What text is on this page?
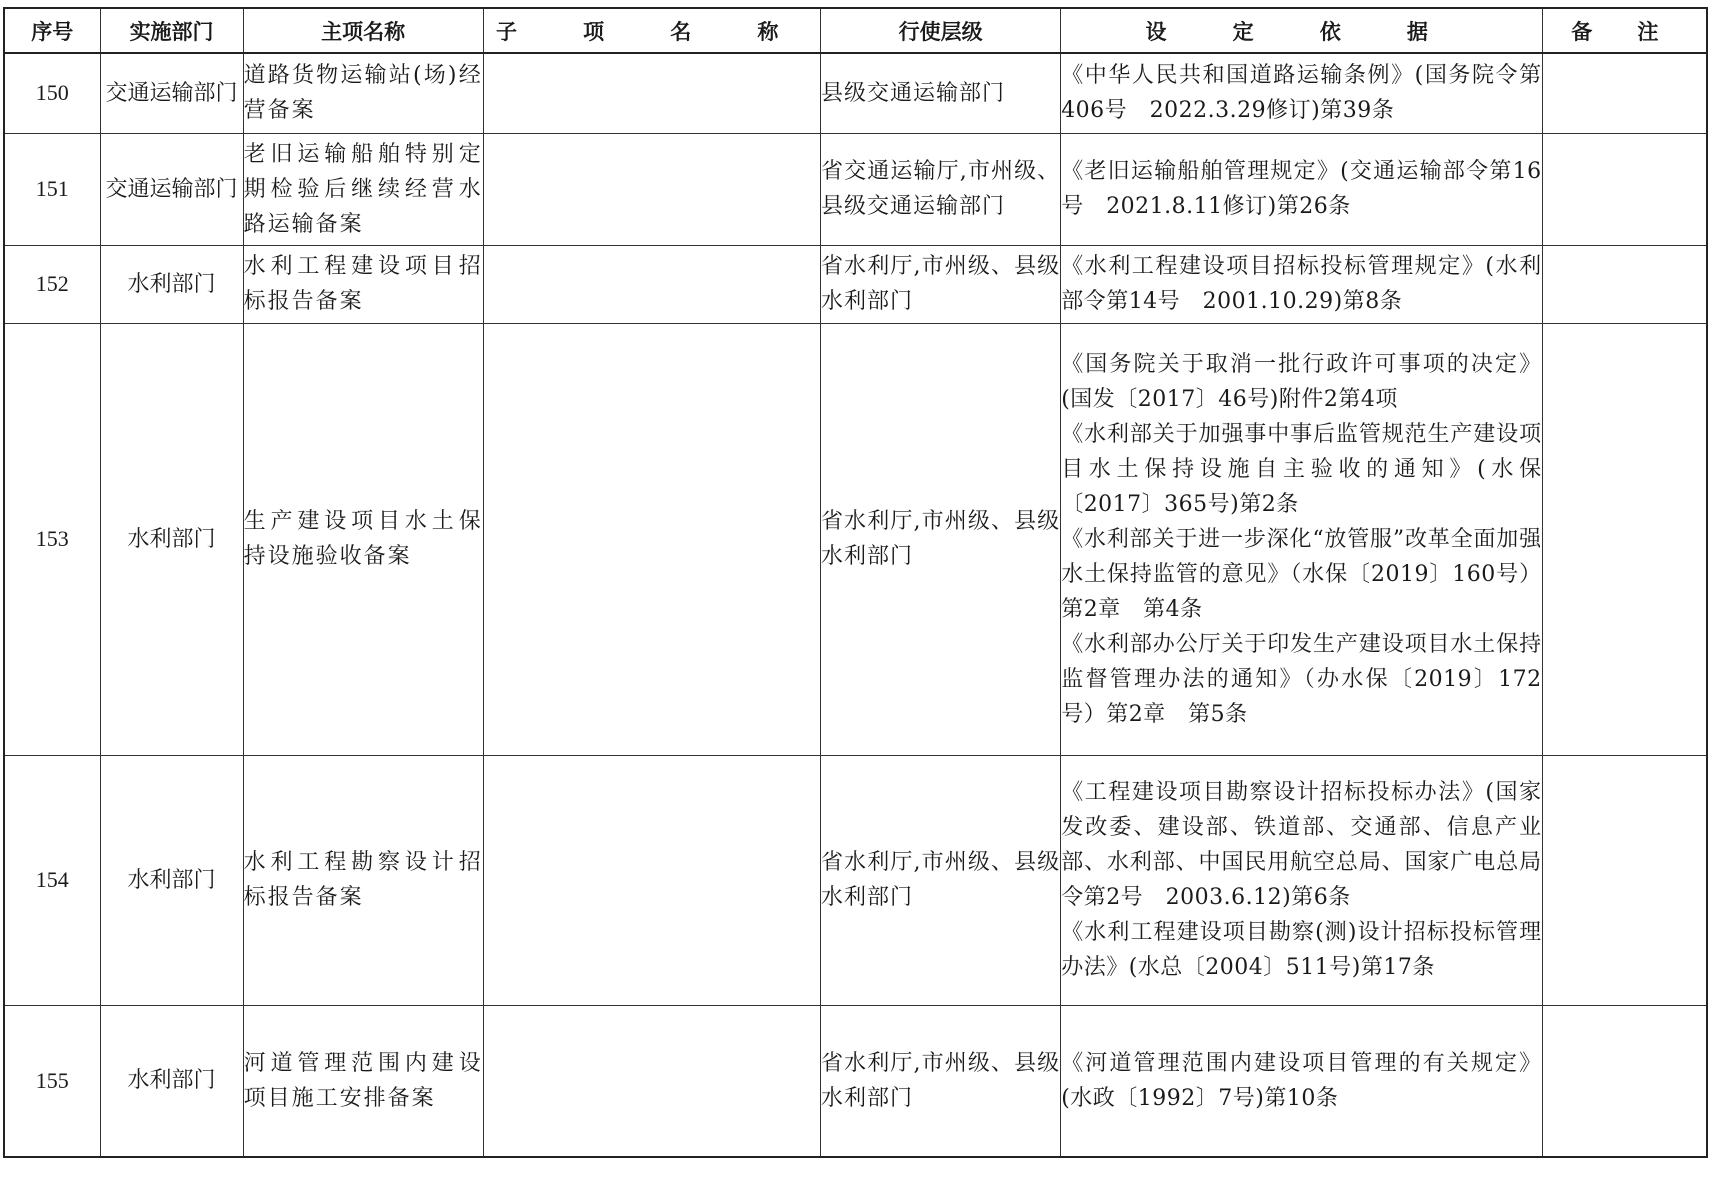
序号	实施部门	主项名称	子 项 名 称	行使层级	设 定 依 据	备 注
150	交通运输部门	道路货物运输站(场)经营备案		县级交通运输部门	《中华人民共和国道路运输条例》(国务院令第406号　2022.3.29修订)第39条	

151	交通运输部门	老旧运输船舶特别定期检验后继续经营水路运输备案		省交通运输厅,市州级、县级交通运输部门	《老旧运输船舶管理规定》(交通运输部令第16号　2021.8.11修订)第26条	

152	水利部门	水利工程建设项目招标报告备案		省水利厅,市州级、县级水利部门	《水利工程建设项目招标投标管理规定》(水利部令第14号　2001.10.29)第8条	

153	水利部门	生产建设项目水土保持设施验收备案		省水利厅,市州级、县级水利部门	《国务院关于取消一批行政许可事项的决定》(国发〔2017〕46号)附件2第4项

《水利部关于加强事中事后监管规范生产建设项目水土保持设施自主验收的通知》(水保〔2017〕365号)第2条

《水利部关于进一步深化“放管服”改革全面加强水土保持监管的意见》（水保〔2019〕160号）第2章　第4条

《水利部办公厅关于印发生产建设项目水土保持监督管理办法的通知》（办水保〔2019〕172号）第2章　第5条	

154	水利部门	水利工程勘察设计招标报告备案		省水利厅,市州级、县级水利部门	《工程建设项目勘察设计招标投标办法》(国家发改委、建设部、铁道部、交通部、信息产业部、水利部、中国民用航空总局、国家广电总局令第2号　2003.6.12)第6条

《水利工程建设项目勘察(测)设计招标投标管理办法》(水总〔2004〕511号)第17条	

155	水利部门	河道管理范围内建设项目施工安排备案		省水利厅,市州级、县级水利部门	《河道管理范围内建设项目管理的有关规定》(水政〔1992〕7号)第10条	
